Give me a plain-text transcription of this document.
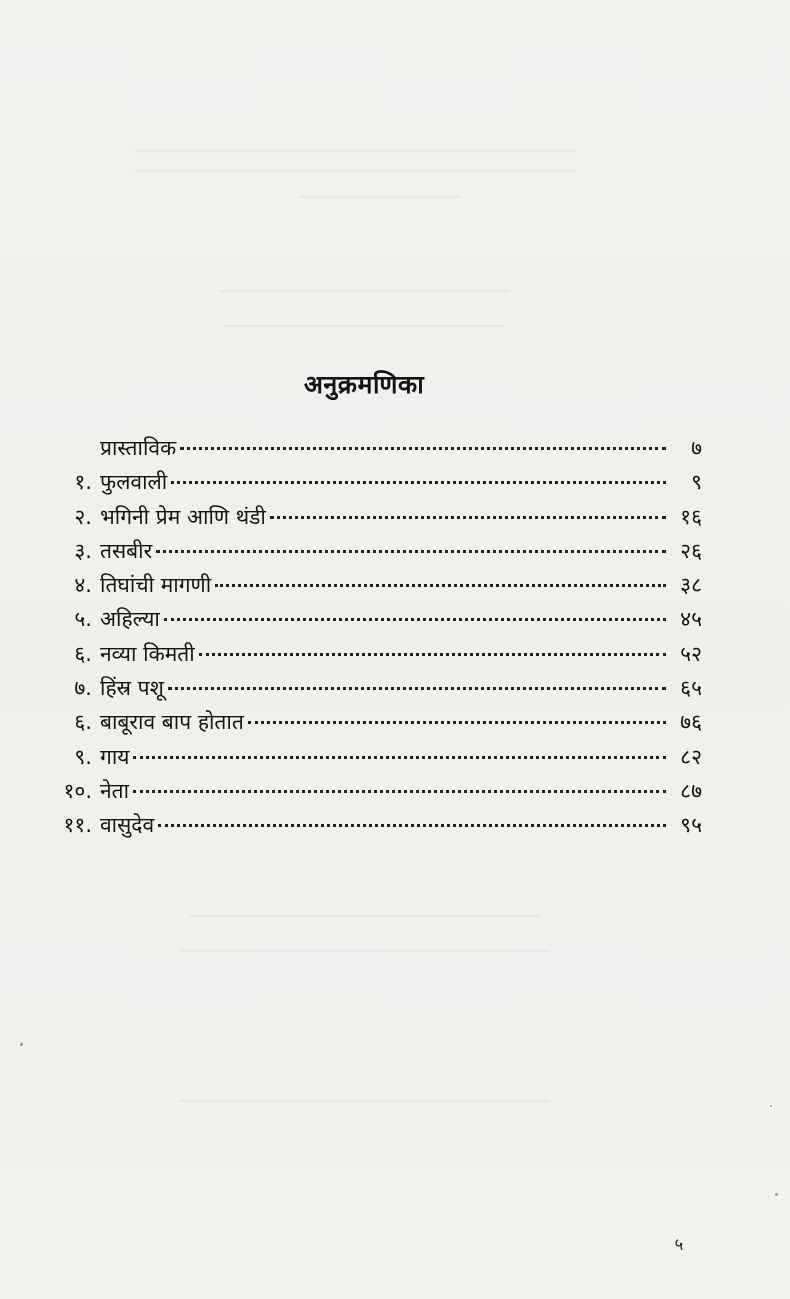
अनुक्रमणिका
प्रास्ताविक	७
१. फुलवाली	९
२. भगिनी प्रेम आणि थंडी	१६
३. तसबीर	२६
४. तिघांची मागणी	३८
५. अहिल्या	४५
६. नव्या किमती	५२
७. हिंस्र पशू	६५
६. बाबूराव बाप होतात	७६
९. गाय	८२
१०. नेता	८७
११. वासुदेव	९५
५
